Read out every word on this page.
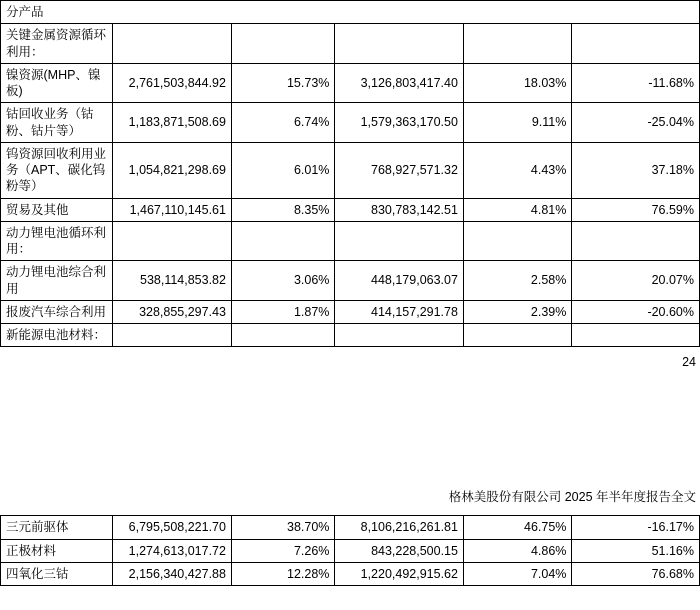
分产品					
关键金属资源循环利用：					
镍资源(MHP、镍板)	2,761,503,844.92	15.73%	3,126,803,417.40	18.03%	-11.68%
钴回收业务（钴粉、钴片等）	1,183,871,508.69	6.74%	1,579,363,170.50	9.11%	-25.04%
钨资源回收利用业务（APT、碳化钨粉等）	1,054,821,298.69	6.01%	768,927,571.32	4.43%	37.18%
贸易及其他	1,467,110,145.61	8.35%	830,783,142.51	4.81%	76.59%
动力锂电池循环利用：					
动力锂电池综合利用	538,114,853.82	3.06%	448,179,063.07	2.58%	20.07%
报废汽车综合利用	328,855,297.43	1.87%	414,157,291.78	2.39%	-20.60%
新能源电池材料：					
24
格林美股份有限公司 2025 年半年度报告全文
三元前驱体	6,795,508,221.70	38.70%	8,106,216,261.81	46.75%	-16.17%
正极材料	1,274,613,017.72	7.26%	843,228,500.15	4.86%	51.16%
四氧化三钴	2,156,340,427.88	12.28%	1,220,492,915.62	7.04%	76.68%
